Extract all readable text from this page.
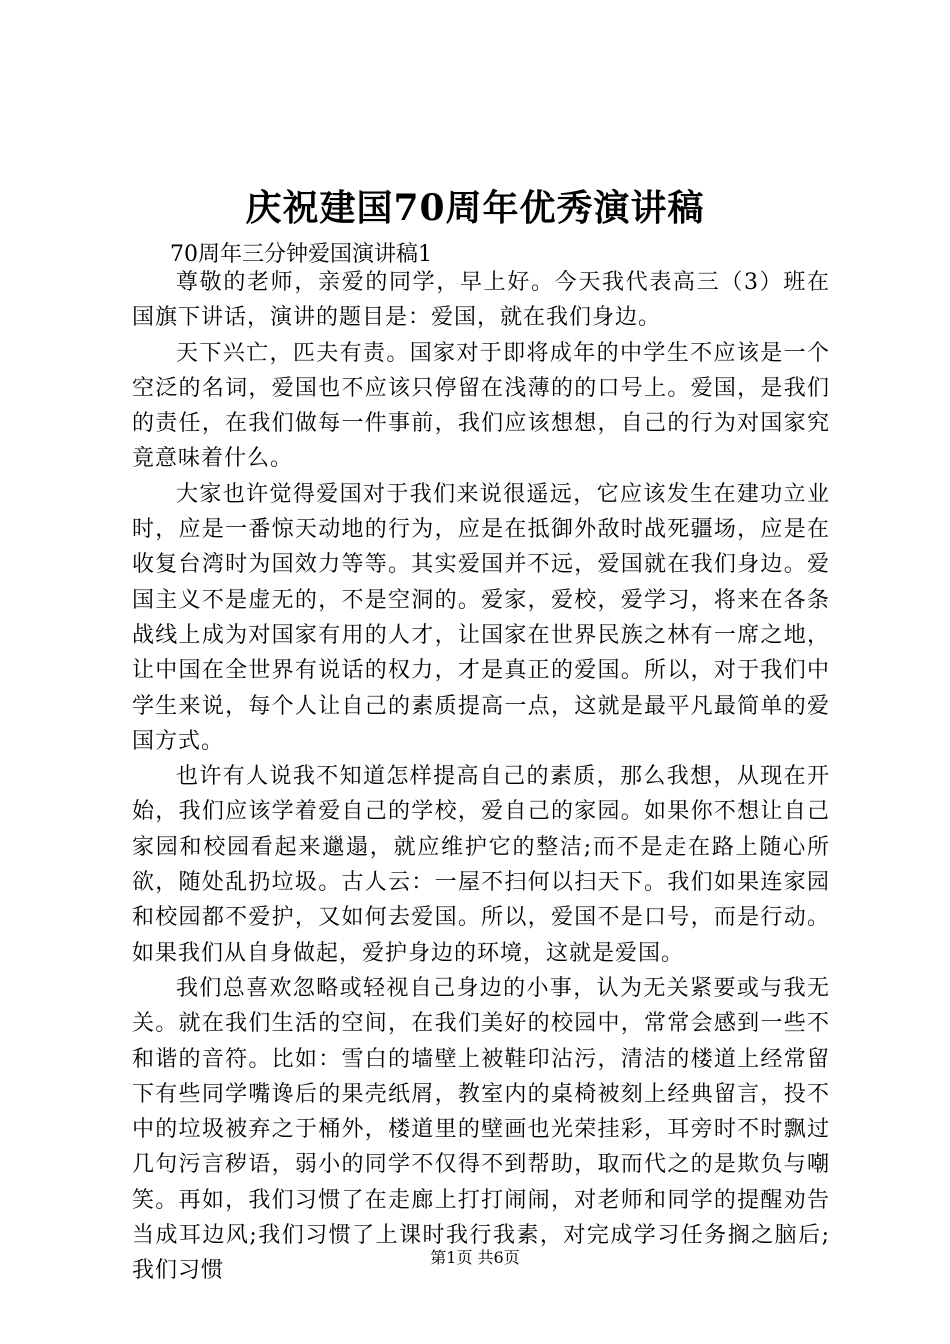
庆祝建国70周年优秀演讲稿
70周年三分钟爱国演讲稿1

尊敬的老师，亲爱的同学，早上好。今天我代表高三（3）班在国旗下讲话，演讲的题目是：爱国，就在我们身边。

天下兴亡，匹夫有责。国家对于即将成年的中学生不应该是一个空泛的名词，爱国也不应该只停留在浅薄的的口号上。爱国，是我们的责任，在我们做每一件事前，我们应该想想，自己的行为对国家究竟意味着什么。

大家也许觉得爱国对于我们来说很遥远，它应该发生在建功立业时，应是一番惊天动地的行为，应是在抵御外敌时战死疆场，应是在收复台湾时为国效力等等。其实爱国并不远，爱国就在我们身边。爱国主义不是虚无的，不是空洞的。爱家，爱校，爱学习，将来在各条战线上成为对国家有用的人才，让国家在世界民族之林有一席之地，让中国在全世界有说话的权力，才是真正的爱国。所以，对于我们中学生来说，每个人让自己的素质提高一点，这就是最平凡最简单的爱国方式。

也许有人说我不知道怎样提高自己的素质，那么我想，从现在开始，我们应该学着爱自己的学校，爱自己的家园。如果你不想让自己家园和校园看起来邋遢，就应维护它的整洁;而不是走在路上随心所欲，随处乱扔垃圾。古人云：一屋不扫何以扫天下。我们如果连家园和校园都不爱护，又如何去爱国。所以，爱国不是口号，而是行动。如果我们从自身做起，爱护身边的环境，这就是爱国。

我们总喜欢忽略或轻视自己身边的小事，认为无关紧要或与我无关。就在我们生活的空间，在我们美好的校园中，常常会感到一些不和谐的音符。比如：雪白的墙壁上被鞋印沾污，清洁的楼道上经常留下有些同学嘴谗后的果壳纸屑，教室内的桌椅被刻上经典留言，投不中的垃圾被弃之于桶外，楼道里的壁画也光荣挂彩，耳旁时不时飘过几句污言秽语，弱小的同学不仅得不到帮助，取而代之的是欺负与嘲笑。再如，我们习惯了在走廊上打打闹闹，对老师和同学的提醒劝告当成耳边风;我们习惯了上课时我行我素，对完成学习任务搁之脑后;我们习惯

第1页 共6页
